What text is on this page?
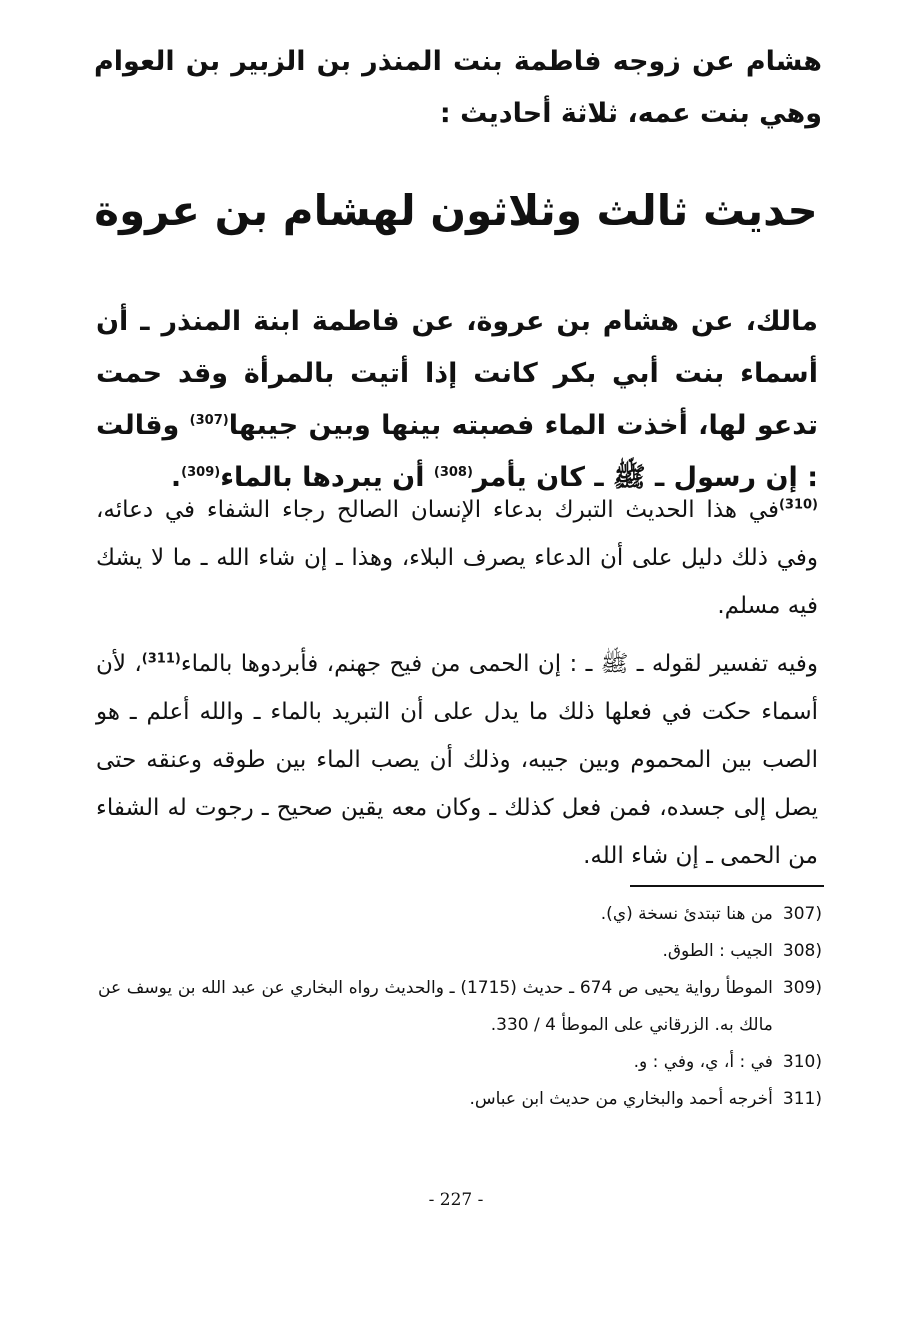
هشام عن زوجه فاطمة بنت المنذر بن الزبير بن العوام وهي بنت عمه، ثلاثة أحاديث :

حديث ثالث وثلاثون لهشام بن عروة

مالك، عن هشام بن عروة، عن فاطمة ابنة المنذر ـ أن أسماء بنت أبي بكر كانت إذا أتيت بالمرأة وقد حمت تدعو لها، أخذت الماء فصبته بينها وبين جيبها$^{(307)}$ وقالت : إن رسول ـ ﷺ ـ كان يأمر$^{(308)}$ أن يبردها بالماء$^{(309)}$.

$^{(310)}$في هذا الحديث التبرك بدعاء الإنسان الصالح رجاء الشفاء في دعائه، وفي ذلك دليل على أن الدعاء يصرف البلاء، وهذا ـ إن شاء الله ـ ما لا يشك فيه مسلم.

وفيه تفسير لقوله ـ ﷺ ـ : إن الحمى من فيح جهنم، فأبردوها بالماء$^{(311)}$، لأن أسماء حكت في فعلها ذلك ما يدل على أن التبريد بالماء ـ والله أعلم ـ هو الصب بين المحموم وبين جيبه، وذلك أن يصب الماء بين طوقه وعنقه حتى يصل إلى جسده، فمن فعل كذلك ـ وكان معه يقين صحيح ـ رجوت له الشفاء من الحمى ـ إن شاء الله.

307)
من هنا تبتدئ نسخة (ي).
308)
الجيب : الطوق.
309)
الموطأ رواية يحيى ص 674 ـ حديث (1715) ـ والحديث رواه البخاري عن عبد الله بن يوسف عن مالك به. الزرقاني على الموطأ 4 / 330.
310)
في : أ، ي، وفي : و.
311)
أخرجه أحمد والبخاري من حديث ابن عباس.
- 227 -
